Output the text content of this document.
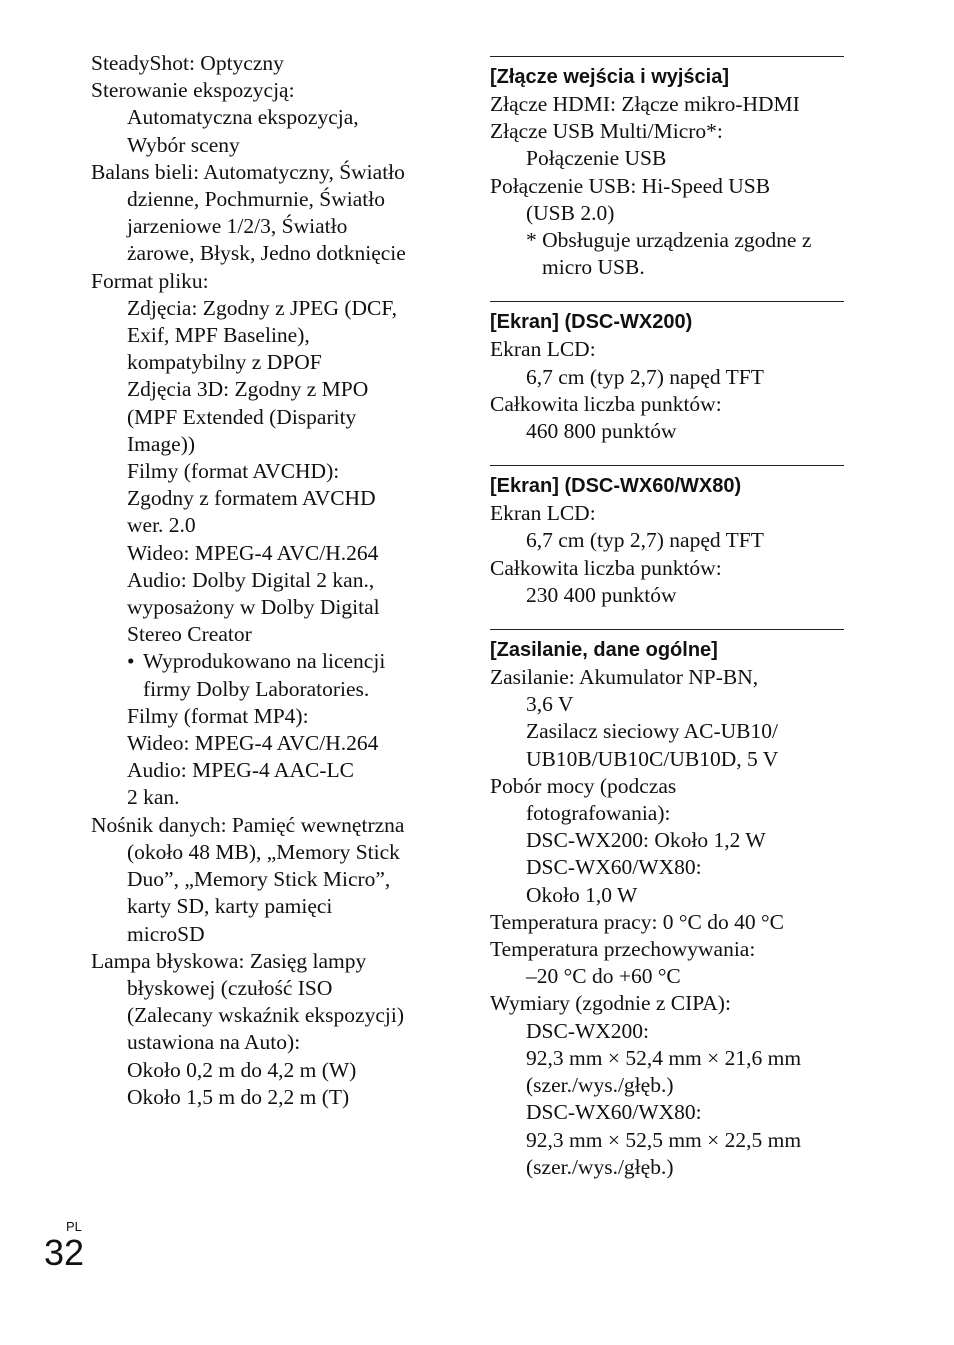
SteadyShot: Optyczny
Sterowanie ekspozycją:
Automatyczna ekspozycja,
Wybór sceny
Balans bieli: Automatyczny, Światło
dzienne, Pochmurnie, Światło
jarzeniowe 1/2/3, Światło
żarowe, Błysk, Jedno dotknięcie
Format pliku:
Zdjęcia: Zgodny z JPEG (DCF,
Exif, MPF Baseline),
kompatybilny z DPOF
Zdjęcia 3D: Zgodny z MPO
(MPF Extended (Disparity
Image))
Filmy (format AVCHD):
Zgodny z formatem AVCHD
wer. 2.0
Wideo: MPEG-4 AVC/H.264
Audio: Dolby Digital 2 kan.,
wyposażony w Dolby Digital
Stereo Creator
• Wyprodukowano na licencji
firmy Dolby Laboratories.
Filmy (format MP4):
Wideo: MPEG-4 AVC/H.264
Audio: MPEG-4 AAC-LC
2 kan.
Nośnik danych: Pamięć wewnętrzna
(około 48 MB), „Memory Stick
Duo”, „Memory Stick Micro”,
karty SD, karty pamięci
microSD
Lampa błyskowa: Zasięg lampy
błyskowej (czułość ISO
(Zalecany wskaźnik ekspozycji)
ustawiona na Auto):
Około 0,2 m do 4,2 m (W)
Około 1,5 m do 2,2 m (T)
[Złącze wejścia i wyjścia]
Złącze HDMI: Złącze mikro-HDMI
Złącze USB Multi/Micro*:
Połączenie USB
Połączenie USB: Hi-Speed USB
(USB 2.0)
* Obsługuje urządzenia zgodne z
micro USB.
[Ekran] (DSC-WX200)
Ekran LCD:
6,7 cm (typ 2,7) napęd TFT
Całkowita liczba punktów:
460 800 punktów
[Ekran] (DSC-WX60/WX80)
Ekran LCD:
6,7 cm (typ 2,7) napęd TFT
Całkowita liczba punktów:
230 400 punktów
[Zasilanie, dane ogólne]
Zasilanie: Akumulator NP-BN,
3,6 V
Zasilacz sieciowy AC-UB10/
UB10B/UB10C/UB10D, 5 V
Pobór mocy (podczas
fotografowania):
DSC-WX200: Około 1,2 W
DSC-WX60/WX80:
Około 1,0 W
Temperatura pracy: 0 °C do 40 °C
Temperatura przechowywania:
–20 °C do +60 °C
Wymiary (zgodnie z CIPA):
DSC-WX200:
92,3 mm × 52,4 mm × 21,6 mm
(szer./wys./głęb.)
DSC-WX60/WX80:
92,3 mm × 52,5 mm × 22,5 mm
(szer./wys./głęb.)
PL
32
